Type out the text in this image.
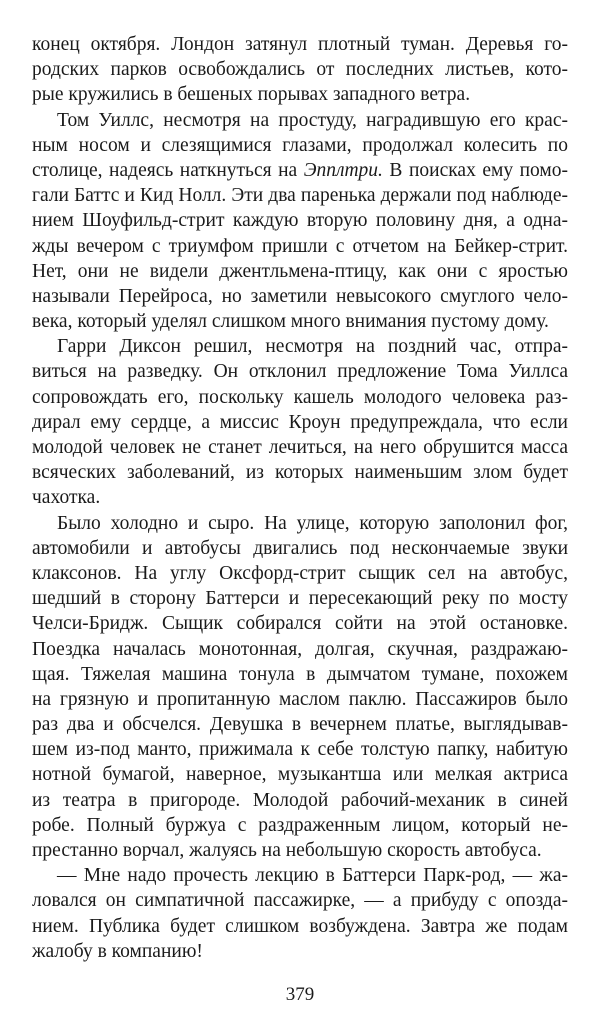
конец октября. Лондон затянул плотный туман. Деревья го-
родских парков освобождались от последних листьев, кото-
рые кружились в бешеных порывах западного ветра.
Том Уиллс, несмотря на простуду, наградившую его крас-
ным носом и слезящимися глазами, продолжал колесить по
столице, надеясь наткнуться на Эпплтри. В поисках ему помо-
гали Баттс и Кид Нолл. Эти два паренька держали под наблюде-
нием Шоуфильд-стрит каждую вторую половину дня, а одна-
жды вечером с триумфом пришли с отчетом на Бейкер-стрит.
Нет, они не видели джентльмена-птицу, как они с яростью
называли Перейроса, но заметили невысокого смуглого чело-
века, который уделял слишком много внимания пустому дому.
Гарри Диксон решил, несмотря на поздний час, отпра-
виться на разведку. Он отклонил предложение Тома Уиллса
сопровождать его, поскольку кашель молодого человека раз-
дирал ему сердце, а миссис Кроун предупреждала, что если
молодой человек не станет лечиться, на него обрушится масса
всяческих заболеваний, из которых наименьшим злом будет
чахотка.
Было холодно и сыро. На улице, которую заполонил фог,
автомобили и автобусы двигались под нескончаемые звуки
клаксонов. На углу Оксфорд-стрит сыщик сел на автобус,
шедший в сторону Баттерси и пересекающий реку по мосту
Челси-Бридж. Сыщик собирался сойти на этой остановке.
Поездка началась монотонная, долгая, скучная, раздражаю-
щая. Тяжелая машина тонула в дымчатом тумане, похожем
на грязную и пропитанную маслом паклю. Пассажиров было
раз два и обсчелся. Девушка в вечернем платье, выглядывав-
шем из-под манто, прижимала к себе толстую папку, набитую
нотной бумагой, наверное, музыкантша или мелкая актриса
из театра в пригороде. Молодой рабочий-механик в синей
робе. Полный буржуа с раздраженным лицом, который не-
престанно ворчал, жалуясь на небольшую скорость автобуса.
— Мне надо прочесть лекцию в Баттерси Парк-род, — жа-
ловался он симпатичной пассажирке, — а прибуду с опозда-
нием. Публика будет слишком возбуждена. Завтра же подам
жалобу в компанию!
379
